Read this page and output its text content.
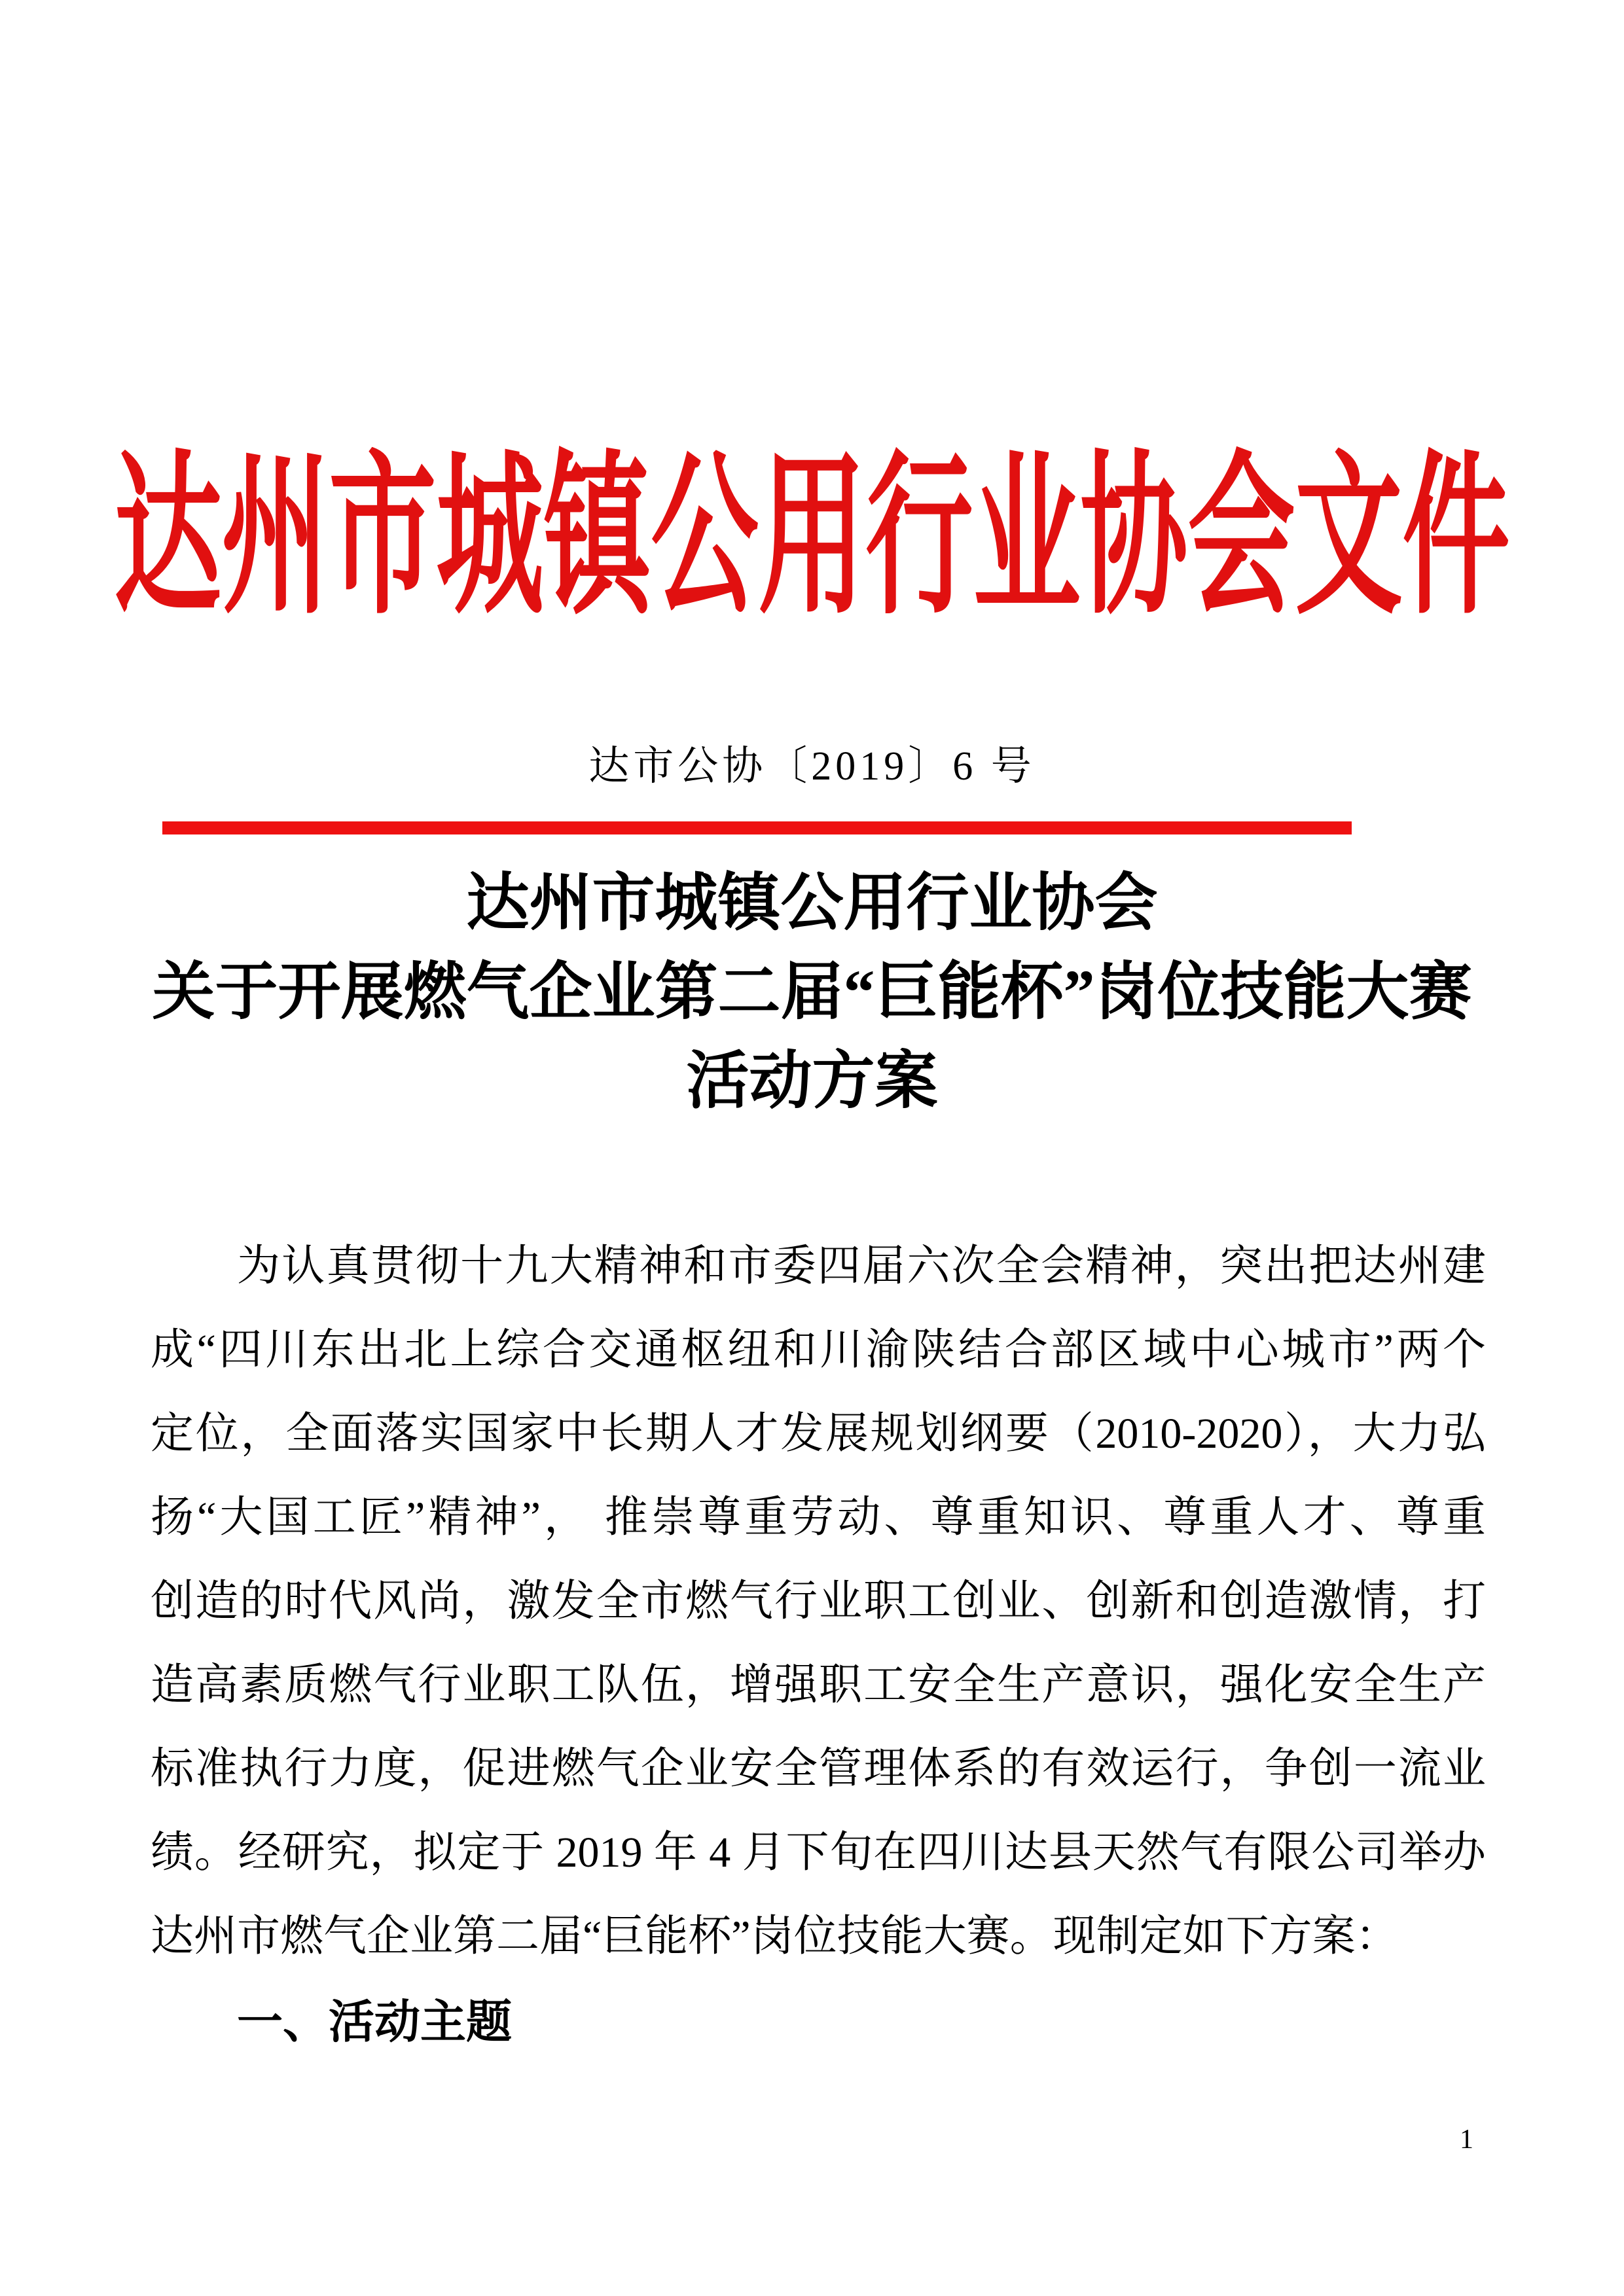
达州市城镇公用行业协会文件
达市公协〔2019〕6 号
达州市城镇公用行业协会
关于开展燃气企业第二届“巨能杯”岗位技能大赛
活动方案
为认真贯彻十九大精神和市委四届六次全会精神，突出把达州建
成“四川东出北上综合交通枢纽和川渝陕结合部区域中心城市”两个
定位，全面落实国家中长期人才发展规划纲要（2010-2020），大力弘
扬“大国工匠”精神”， 推崇尊重劳动、尊重知识、尊重人才、尊重
创造的时代风尚，激发全市燃气行业职工创业、创新和创造激情，打
造高素质燃气行业职工队伍，增强职工安全生产意识，强化安全生产
标准执行力度，促进燃气企业安全管理体系的有效运行，争创一流业
绩。经研究，拟定于 2019 年 4 月下旬在四川达县天然气有限公司举办
达州市燃气企业第二届“巨能杯”岗位技能大赛。现制定如下方案：
一、活动主题
1
